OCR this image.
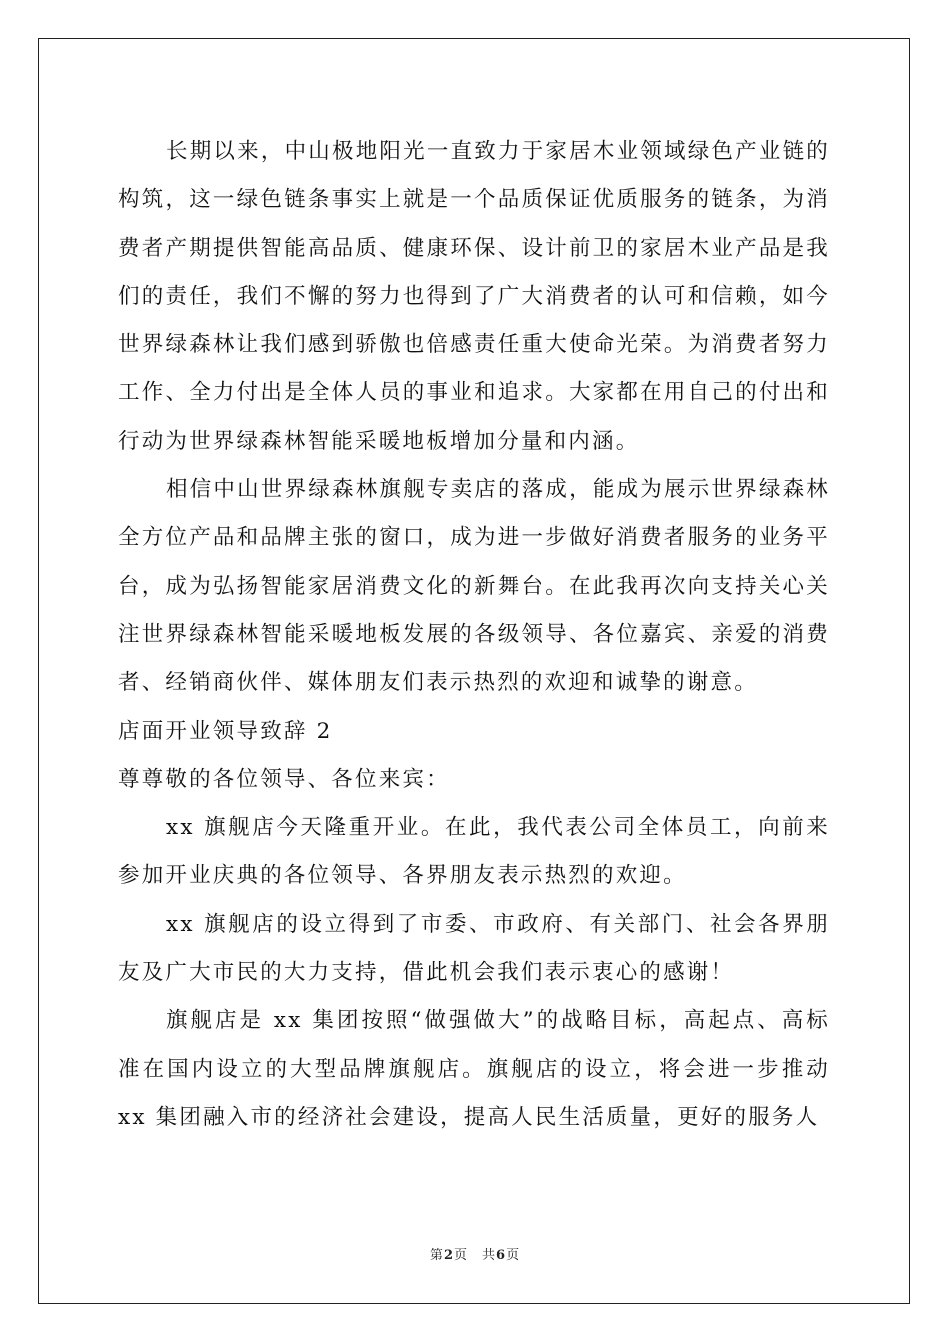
长期以来，中山极地阳光一直致力于家居木业领域绿色产业链的构筑，这一绿色链条事实上就是一个品质保证优质服务的链条，为消费者产期提供智能高品质、健康环保、设计前卫的家居木业产品是我们的责任，我们不懈的努力也得到了广大消费者的认可和信赖，如今世界绿森林让我们感到骄傲也倍感责任重大使命光荣。为消费者努力工作、全力付出是全体人员的事业和追求。大家都在用自己的付出和行动为世界绿森林智能采暖地板增加分量和内涵。

相信中山世界绿森林旗舰专卖店的落成，能成为展示世界绿森林全方位产品和品牌主张的窗口，成为进一步做好消费者服务的业务平台，成为弘扬智能家居消费文化的新舞台。在此我再次向支持关心关注世界绿森林智能采暖地板发展的各级领导、各位嘉宾、亲爱的消费者、经销商伙伴、媒体朋友们表示热烈的欢迎和诚挚的谢意。

店面开业领导致辞 2

尊尊敬的各位领导、各位来宾：

xx 旗舰店今天隆重开业。在此，我代表公司全体员工，向前来参加开业庆典的各位领导、各界朋友表示热烈的欢迎。

xx 旗舰店的设立得到了市委、市政府、有关部门、社会各界朋友及广大市民的大力支持，借此机会我们表示衷心的感谢！

旗舰店是 xx 集团按照“做强做大”的战略目标，高起点、高标准在国内设立的大型品牌旗舰店。旗舰店的设立，将会进一步推动 xx 集团融入市的经济社会建设，提高人民生活质量，更好的服务人

第2页 共6页
